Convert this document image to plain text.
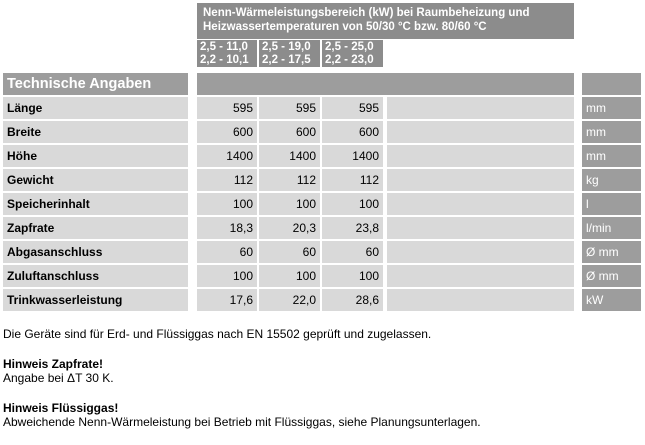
Nenn-Wärmeleistungsbereich (kW) bei Raumbeheizung und
Heizwassertemperaturen von 50/30 °C bzw. 80/60 °C
2,5 - 11,0
2,2 - 10,1
2,5 - 19,0
2,2 - 17,5
2,5 - 25,0
2,2 - 23,0
Technische Angaben
Länge	595	595	595	mm
Breite	600	600	600	mm
Höhe	1400	1400	1400	mm
Gewicht	112	112	112	kg
Speicherinhalt	100	100	100	l
Zapfrate	18,3	20,3	23,8	l/min
Abgasanschluss	60	60	60	Ø mm
Zuluftanschluss	100	100	100	Ø mm
Trinkwasserleistung	17,6	22,0	28,6	kW
Die Geräte sind für Erd- und Flüssiggas nach EN 15502 geprüft und zugelassen.
Hinweis Zapfrate!
Angabe bei ΔT 30 K.
Hinweis Flüssiggas!
Abweichende Nenn-Wärmeleistung bei Betrieb mit Flüssiggas, siehe Planungsunterlagen.
